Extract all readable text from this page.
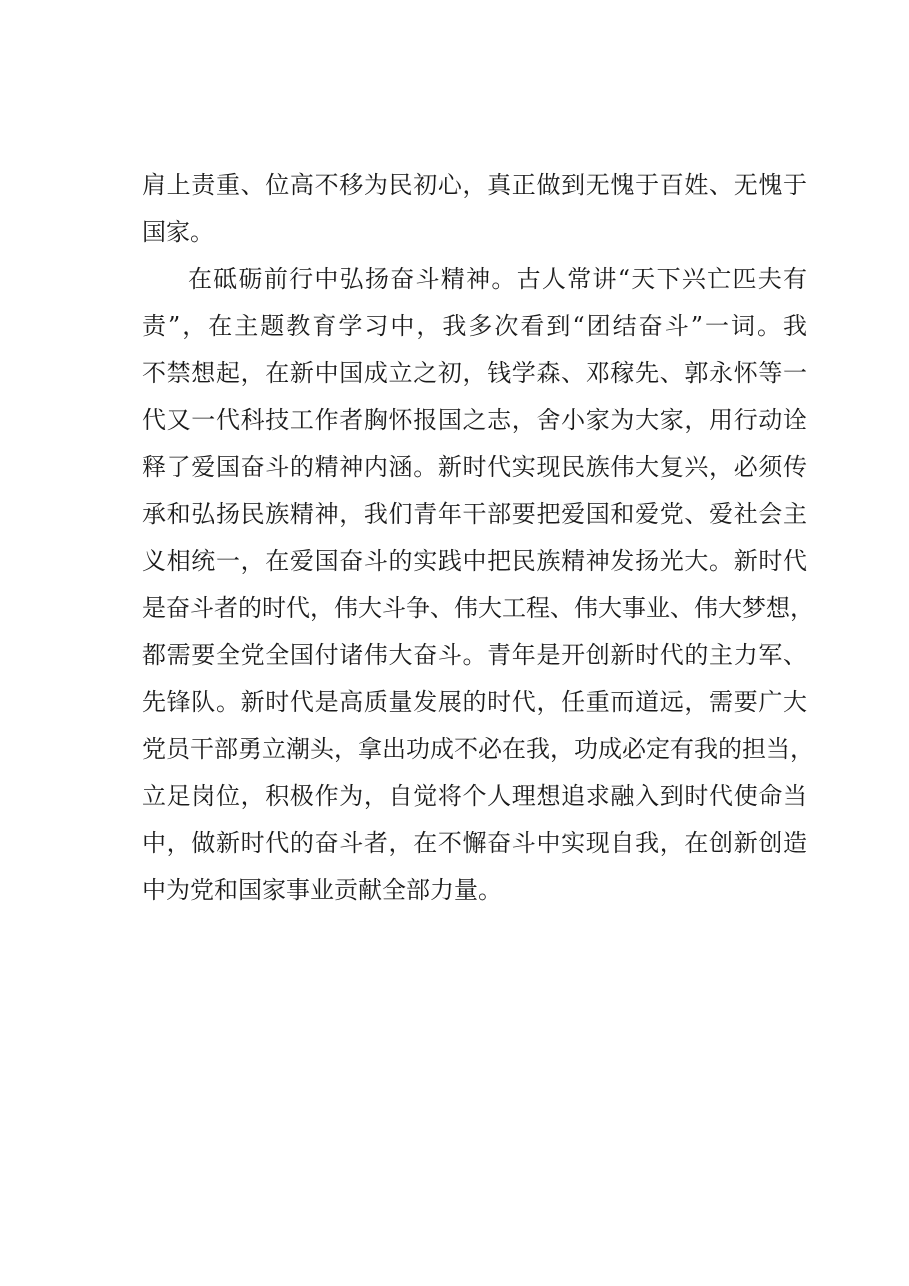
肩上责重、位高不移为民初心，真正做到无愧于百姓、无愧于
国家。
在砥砺前行中弘扬奋斗精神。古人常讲“天下兴亡匹夫有
责”，在主题教育学习中，我多次看到“团结奋斗”一词。我
不禁想起，在新中国成立之初，钱学森、邓稼先、郭永怀等一
代又一代科技工作者胸怀报国之志，舍小家为大家，用行动诠
释了爱国奋斗的精神内涵。新时代实现民族伟大复兴，必须传
承和弘扬民族精神，我们青年干部要把爱国和爱党、爱社会主
义相统一，在爱国奋斗的实践中把民族精神发扬光大。新时代
是奋斗者的时代，伟大斗争、伟大工程、伟大事业、伟大梦想，
都需要全党全国付诸伟大奋斗。青年是开创新时代的主力军、
先锋队。新时代是高质量发展的时代，任重而道远，需要广大
党员干部勇立潮头，拿出功成不必在我，功成必定有我的担当，
立足岗位，积极作为，自觉将个人理想追求融入到时代使命当
中，做新时代的奋斗者，在不懈奋斗中实现自我，在创新创造
中为党和国家事业贡献全部力量。
